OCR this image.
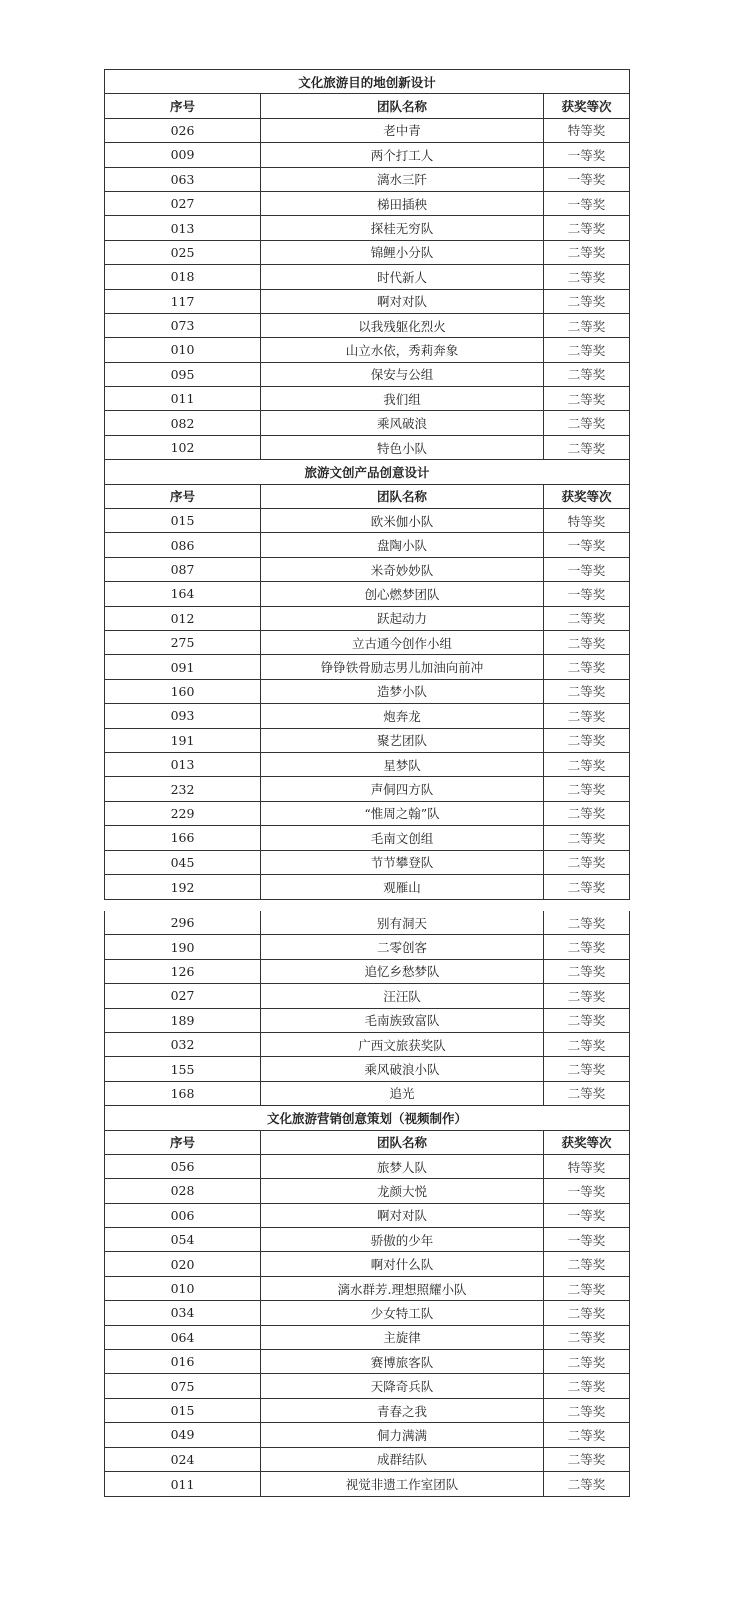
文化旅游目的地创新设计
序号	团队名称	获奖等次
026	老中青	特等奖
009	两个打工人	一等奖
063	漓水三阡	一等奖
027	梯田插秧	一等奖
013	探桂无穷队	二等奖
025	锦鲤小分队	二等奖
018	时代新人	二等奖
117	啊对对队	二等奖
073	以我残躯化烈火	二等奖
010	山立水依，秀莉奔象	二等奖
095	保安与公组	二等奖
011	我们组	二等奖
082	乘风破浪	二等奖
102	特色小队	二等奖
旅游文创产品创意设计
序号	团队名称	获奖等次
015	欧米伽小队	特等奖
086	盘陶小队	一等奖
087	米奇妙妙队	一等奖
164	创心燃梦团队	一等奖
012	跃起动力	二等奖
275	立古通今创作小组	二等奖
091	铮铮铁骨励志男儿加油向前冲	二等奖
160	造梦小队	二等奖
093	炮奔龙	二等奖
191	聚艺团队	二等奖
013	星梦队	二等奖
232	声侗四方队	二等奖
229	“惟周之翰”队	二等奖
166	毛南文创组	二等奖
045	节节攀登队	二等奖
192	观雁山	二等奖
296	别有洞天	二等奖
190	二零创客	二等奖
126	追忆乡愁梦队	二等奖
027	汪汪队	二等奖
189	毛南族致富队	二等奖
032	广西文旅获奖队	二等奖
155	乘风破浪小队	二等奖
168	追光	二等奖
文化旅游营销创意策划（视频制作）
序号	团队名称	获奖等次
056	旅梦人队	特等奖
028	龙颜大悦	一等奖
006	啊对对队	一等奖
054	骄傲的少年	一等奖
020	啊对什么队	二等奖
010	漓水群芳.理想照耀小队	二等奖
034	少女特工队	二等奖
064	主旋律	二等奖
016	赛博旅客队	二等奖
075	天降奇兵队	二等奖
015	青春之我	二等奖
049	侗力满满	二等奖
024	成群结队	二等奖
011	视觉非遗工作室团队	二等奖
